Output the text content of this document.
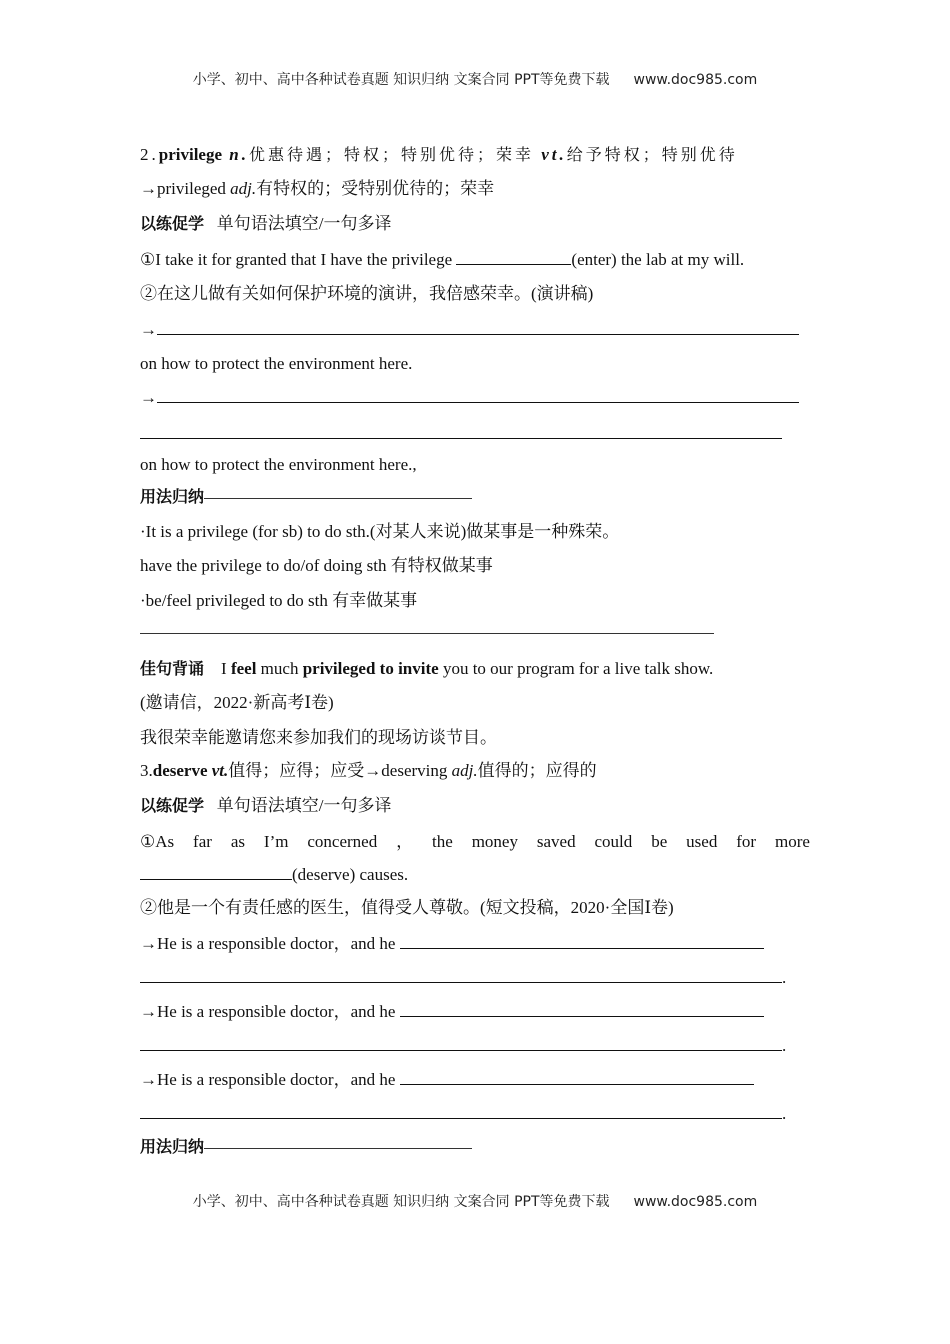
小学、初中、高中各种试卷真题 知识归纳 文案合同 PPT等免费下载 www.doc985.com
2.privilege n.优惠待遇；特权；特别优待；荣幸 vt.给予特权；特别优待
→privileged adj.有特权的；受特别优待的；荣幸
以练促学 单句语法填空/一句多译
①I take it for granted that I have the privilege	(enter) the lab at my will.
②在这儿做有关如何保护环境的演讲，我倍感荣幸。(演讲稿)
→
on how to protect the environment here.
→
on how to protect the environment here.,
用法归纳
·It is a privilege (for sb) to do sth.(对某人来说)做某事是一种殊荣。
have the privilege to do/of doing sth 有特权做某事
·be/feel privileged to do sth 有幸做某事
佳句背诵 I feel much privileged to invite you to our program for a live talk show.
(邀请信，2022·新高考Ⅰ卷)
我很荣幸能邀请您来参加我们的现场访谈节目。
3.deserve vt.值得；应得；应受→deserving adj.值得的；应得的
以练促学 单句语法填空/一句多译
①As far as I’m concerned ， the money saved could be used for more
(deserve) causes.
②他是一个有责任感的医生，值得受人尊敬。(短文投稿，2020·全国Ⅰ卷)
→He is a responsible doctor，and he
.
→He is a responsible doctor，and he
.
→He is a responsible doctor，and he
.
用法归纳
小学、初中、高中各种试卷真题 知识归纳 文案合同 PPT等免费下载 www.doc985.com
